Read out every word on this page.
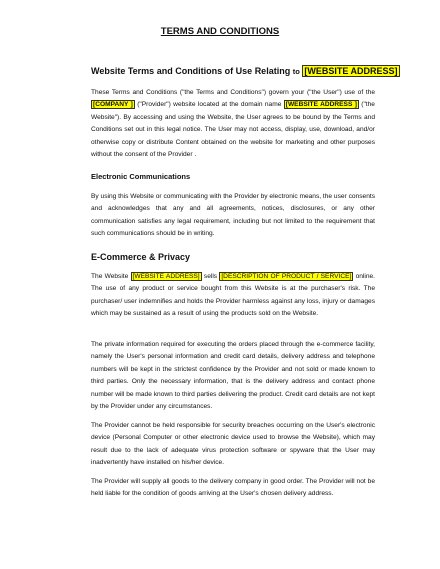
TERMS AND CONDITIONS
Website Terms and Conditions of Use Relating to [WEBSITE ADDRESS]
These Terms and Conditions ("the Terms and Conditions") govern your ("the User") use of the [COMPANY ] ("Provider") website located at the domain name [WEBSITE ADDRESS ] ("the Website"). By accessing and using the Website, the User agrees to be bound by the Terms and Conditions set out in this legal notice. The User may not access, display, use, download, and/or otherwise copy or distribute Content obtained on the website for marketing and other purposes without the consent of the Provider .
Electronic Communications
By using this Website or communicating with the Provider by electronic means, the user consents and acknowledges that any and all agreements, notices, disclosures, or any other communication satisfies any legal requirement, including but not limited to the requirement that such communications should be in writing.
E-Commerce & Privacy
The Website [WEBSITE ADDRESS] sells [DESCRIPTION OF PRODUCT / SERVICE] online. The use of any product or service bought from this Website is at the purchaser's risk. The purchaser/ user indemnifies and holds the Provider harmless against any loss, injury or damages which may be sustained as a result of using the products sold on the Website.
The private information required for executing the orders placed through the e-commerce facility, namely the User's personal information and credit card details, delivery address and telephone numbers will be kept in the strictest confidence by the Provider and not sold or made known to third parties. Only the necessary information, that is the delivery address and contact phone number will be made known to third parties delivering the product. Credit card details are not kept by the Provider under any circumstances.
The Provider cannot be held responsible for security breaches occurring on the User's electronic device (Personal Computer or other electronic device used to browse the Website), which may result due to the lack of adequate virus protection software or spyware that the User may inadvertently have installed on his/her device.
The Provider will supply all goods to the delivery company in good order. The Provider will not be held liable for the condition of goods arriving at the User's chosen delivery address.
